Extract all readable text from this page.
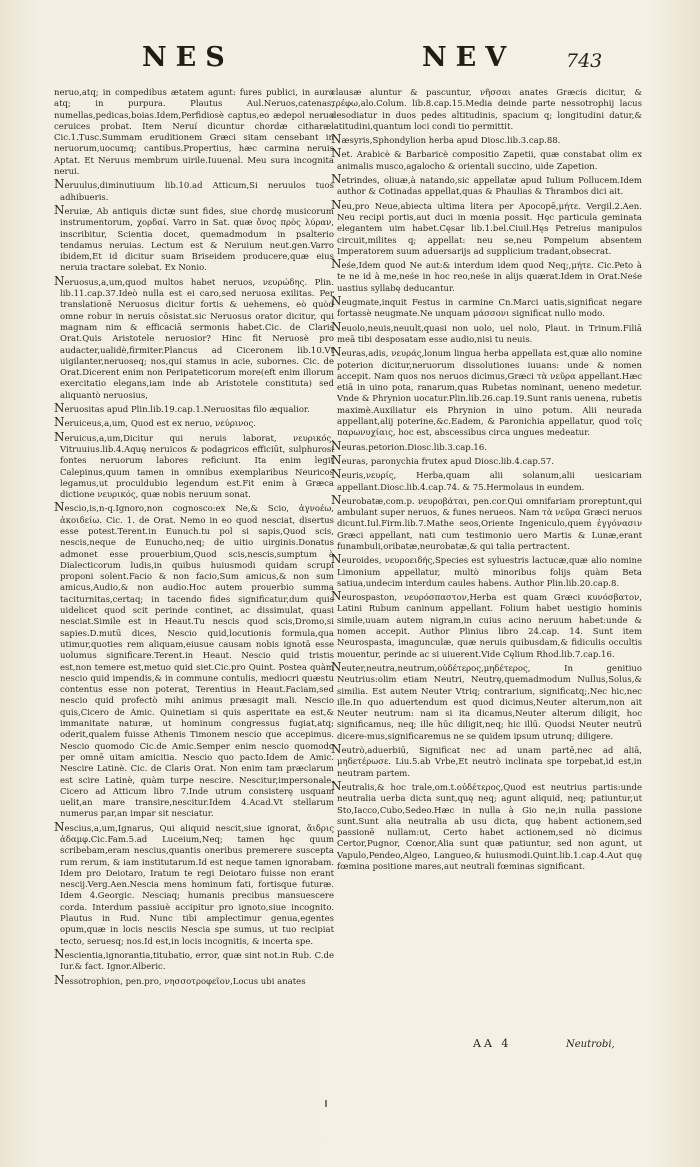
NES	NEV	743
neruo,atq; in compedibus ætatem agunt: fures publici, in auro atq; in purpura. Plautus Aul.Neruos,catenas, numellas,pedicas,boias.Idem,Perfidiosè captus,eo ædepol neruo ceruices probat. Item Neruí dicuntur chordæ citharæ. Cic.1.Tusc.Summam eruditionem Græci sitam censebant in neruorum,uocumq; cantibus.Propertius, hæc carmina neruis Aptat. Et Neruus membrum uirile.Iuuenal. Meu sura incognita nerui.
Neruulus,diminutiuum lib.10.ad Atticum,Si neruulos tuos adhibueris.
Neruiæ, Ab antiquis dictæ sunt fides, siue chordę musicorum instrumentorum, χορδαί. Varro in Sat. quæ ὄνος πρὸς λύραν, inscribitur, Scientia docet, quemadmodum in psalterio tendamus neruias. Lectum est & Neruium neut.gen.Varro ibidem,Et id dicitur suam Briseidem producere,quæ eius neruia tractare solebat. Ex Nonio.
Neruosus,a,um,quod multos habet neruos, νευρώδης. Plin. lib.11.cap.37.Ideò nulla est ei caro,sed neruosa exilitas. Per translationē Neruosus dicitur fortis & uehemens, eò quòd omne robur in neruis cōsistat.sic Neruosus orator dicitur, qui magnam nim & efficaciā sermonis habet.Cic. de Claris Orat.Quis Aristotele neruosior? Hinc fit Neruosè pro audacter,ualidè,firmiter.Plancus ad Ciceronem lib.10.Vt uigilanter,neruoseq; nos,qui stamus in acie, subornes. Cic. de Orat.Dicerent enim non Peripateticorum more(eft enim illorum exercitatio elegans,iam inde ab Aristotele constituta) sed aliquantò neruosius,
Neruositas apud Plin.lib.19.cap.1.Neruositas filo æqualior.
Neruiceus,a,um, Quod est ex neruo, νεύρινος.
Neruicus,a,um,Dicitur qui neruis laborat, νευρικός. Vitruuius.lib.4.Aquę neruicos & podagricos efficiūt, sulphurosi fontes neruorum labores reficiunt. Ita enim legit Calepinus,quum tamen in omnibus exemplaribus Neuricos legamus,ut proculdubio legendum est.Fit enim à Græca dictione νευρικός, quæ nobis neruum sonat.
Nescio,is,n-q.Ignoro,non cognosco:ex Ne,& Scio, ἀγνοέω, ἀκοιδείω. Cic. 1. de Orat. Nemo in eo quod nesciat, disertus esse potest.Terent.in Eunuch.tu pol si sapis,Quod scis, nescis,neque de Eunucho,neq; de uitio uirginis.Donatus admonet esse prouerbium,Quod scis,nescis,sumptum à Dialecticorum ludis,in quibus huiusmodi quidam scrupi proponi solent.Facio & non facio,Sum amicus,& non sum amicus,Audio,& non audio.Hoc autem prouerbio summa taciturnitas,certaq; in tacendo fides significatur,dum quis uidelicet quod scit perinde continet, ac dissimulat, quasi nesciat.Simile est in Heaut.Tu nescis quod scis,Dromo,si sapies.D.mutū dices, Nescio quid,locutionis formula,qua utimur,quoties rem aliquam,eiusue causam nobis ignotā esse uolumus significare.Terent.in Heaut. Nescio quid tristis est,non temere est,metuo quid siet.Cic.pro Quint. Postea quàm nescio quid impendis,& in commune contulis, mediocri quæstu contentus esse non poterat, Terentius in Heaut.Faciam,sed nescio quid profectò mihi animus præsagit mali. Nescio quis,Cicero de Amic. Quinetiam si quis asperitate ea est,& immanitate naturæ, ut hominum congressus fugiat,atq; oderit,qualem fuisse Athenis Timonem nescio que accepimus. Nescio quomodo Cic.de Amic.Semper enim nescio quomodo per omnē uitam amicitia. Nescio quo pacto.Idem de Amic. Nescire Latinè. Cic. de Claris Orat. Non enim tam præclarum est scire Latinè, quàm turpe nescire. Nescitur,impersonale. Cicero ad Atticum libro 7.Inde utrum consisterę usquam uelit,an mare transire,nescitur.Idem 4.Acad.Vt stellarum numerus par,an impar sit nesciatur.
Nescius,a,um,Ignarus, Qui aliquid nescit,siue ignorat, ἄιδρις ἀδαμφ.Cic.Fam.5.ad Luceium,Neq; tamen hęc quum scribebam,eram nescius,quantis oneribus premerere suscepta rum rerum, & iam institutarum.Id est neque tamen ignorabam. Idem pro Deiotaro, Iratum te regi Deiotaro fuisse non erant nescij.Verg.Aen.Nescia mens hominum fati, fortisque futuræ. Idem 4.Georgic. Nesciaq; humanis precibus mansuescere corda. Interdum passiuè accipitur pro ignoto,siue incognito. Plautus in Rud. Nunc tibi amplectimur genua,egentes opum,quæ in locis nesciis Nescia spe sumus, ut tuo recipiat tecto, seruesq; nos.Id est,in locis incognitis, & incerta spe.
Nescientia,ignorantia,titubatio, error, quæ sint not.in Rub. C.de Iur.& fact. Ignor.Alberic.
Nessotrophion, pen.pro, νησσοτροφεῖον,Locus ubi anates
clausæ aluntur & pascuntur, νῆσσαι anates Græcis dicitur, & τρέφω,alo.Colum. lib.8.cap.15.Media deinde parte nessotrophij lacus desodiatur in duos pedes altitudinis, spacium q; longitudini datur,& latitudini,quantum loci condi tio permittit.
Næsyris,Sphondylion herba apud Diosc.lib.3.cap.88.
Net. Arabicè & Barbaricè compositio Zapetii, quæ constabat olim ex animalis musco,agalocho & orientali succino, uide Zapetion.
Netrindes, oliuæ,à natando,sic appellatæ apud Iulium Pollucem.Idem author & Cotinadas appellat,quas & Phaulias & Thrambos dici ait.
Neu,pro Neue,abiecta ultima litera per Apocopē,μήτε. Vergil.2.Aen. Neu recipi portis,aut duci in mœnia possit. Hęc particula geminata elegantem uim habet.Cęsar lib.1.bel.Ciuil.Hęs Petreius manipulos circuit,milites q; appellat: neu se,neu Pompeium absentem Imperatorem suum aduersarijs ad supplicium tradant,obsecrat.
Neśe,Idem quod Ne aut:& interdum idem quod Neq;,μήτε. Cic.Peto à te ne id à me,neśe in hoc reo,neśe in alijs quærat.Idem in Orat.Neśe uastius syllabę deducantur.
Neugmate,inquit Festus in carmine Cn.Marci uatis,significat negare fortassè neugmate.Ne unquam μάσσονι significat nullo modo.
Neuolo,neuis,neuult,quasi non uolo, uel nolo, Plaut. in Trinum.Filiā meā tibi desposatam esse audio,nisi tu neuis.
Neuras,adis, νευράς,lonum lingua herba appellata est,quæ alio nomine poterion dicitur,neruorum dissolutiones iuuans: unde & nomen accepit. Nam quos nos neruos dicimus,Græci τὰ νεῦρα appellant.Hæc etiā in uino pota, ranarum,quas Rubetas nominant, ueneno medetur. Vnde & Phrynion uocatur.Plin.lib.26.cap.19.Sunt ranis uenena, rubetis maximè.Auxiliatur eis Phrynion in uino potum. Alii neurada appellant,alij poterine,&c.Eadem, & Paronichia appellatur, quod τοῖς παρωνυχίαις, hoc est, abscessibus circa ungues medeatur.
Neuras.petorion.Diosc.lib.3.cap.16.
Neuras, paronychia frutex apud Diosc.lib.4.cap.57.
Neuris,νευρίς, Herba,quam alii solanum,alii uesicariam appellant.Diosc.lib.4.cap.74. & 75.Hermolaus in eundem.
Neurobatæ,com.p. νευροβάται, pen.cor.Qui omnifariam proreptunt,qui ambulant super neruos, & funes nerueos. Nam τὰ νεῦρα Græci neruos dicunt.Iul.Firm.lib.7.Mathe seos,Oriente Ingeniculo,quem ἐγγόνασιν Græci appellant, nati cum testimonio uero Martis & Lunæ,erant funambuli,oribatæ,neurobatæ,& qui talia pertractent.
Neuroides, νευροειδής,Species est syluestris lactucæ,quæ alio nomine Limonium appellatur, multò minoribus folijs quàm Beta satiua,undecim interdum caules habens. Author Plin.lib.20.cap.8.
Neurospaston, νευρόσπαστον,Herba est quam Græci κυνόσβατον, Latini Rubum caninum appellant. Folium habet uestigio hominis simile,uuam autem nigram,in cuius acino neruum habet:unde & nomen accepit. Author Plinius libro 24.cap. 14. Sunt item Neurospasta, imagunculæ, quæ neruis quibusdam,& fidiculis occultis mouentur, perinde ac si uiuerent.Vide Cęlium Rhod.lib.7.cap.16.
Neuter,neutra,neutrum,οὐδέτερος,μηδέτερος, In genitiuo Neutrius:olim etiam Neutri, Neutrę,quemadmodum Nullus,Solus,& similia. Est autem Neuter Vtriq; contrarium, significatq;.Nec hic,nec ille.In quo aduertendum est quod dicimus,Neuter alterum,non ait Neuter neutrum: nam si ita dicamus,Neuter alterum diligit, hoc significamus, neq; ille hūc diligit,neq; hic illū. Quodsi Neuter neutrū dicere-mus,significaremus ne se quidem ipsum utrunq; diligere.
Neutrò,aduerbiū, Significat nec ad unam partē,nec ad aliā, μηδετέρωσε. Liu.5.ab Vrbe,Et neutrò inclinata spe torpebat,id est,in neutram partem.
Neutralis,& hoc trale,om.t.οὐδέτερος,Quod est neutrius partis:unde neutralia uerba dicta sunt,quę neq; agunt aliquid, neq; patiuntur,ut Sto,Iacco,Cubo,Sedeo.Hæc in nulla à Gio ne,in nulla passione sunt.Sunt alia neutralia ab usu dicta, quę habent actionem,sed passionē nullam:ut, Certo habet actionem,sed nò dicimus Certor,Pugnor, Cœnor,Alia sunt quæ patiuntur, sed non agunt, ut Vapulo,Pendeo,Algeo, Langueo,& huiusmodi.Quint.lib.1.cap.4.Aut quę fœmina positione mares,aut neutrali fœminas significant.
AA 4	Neutrobi,
